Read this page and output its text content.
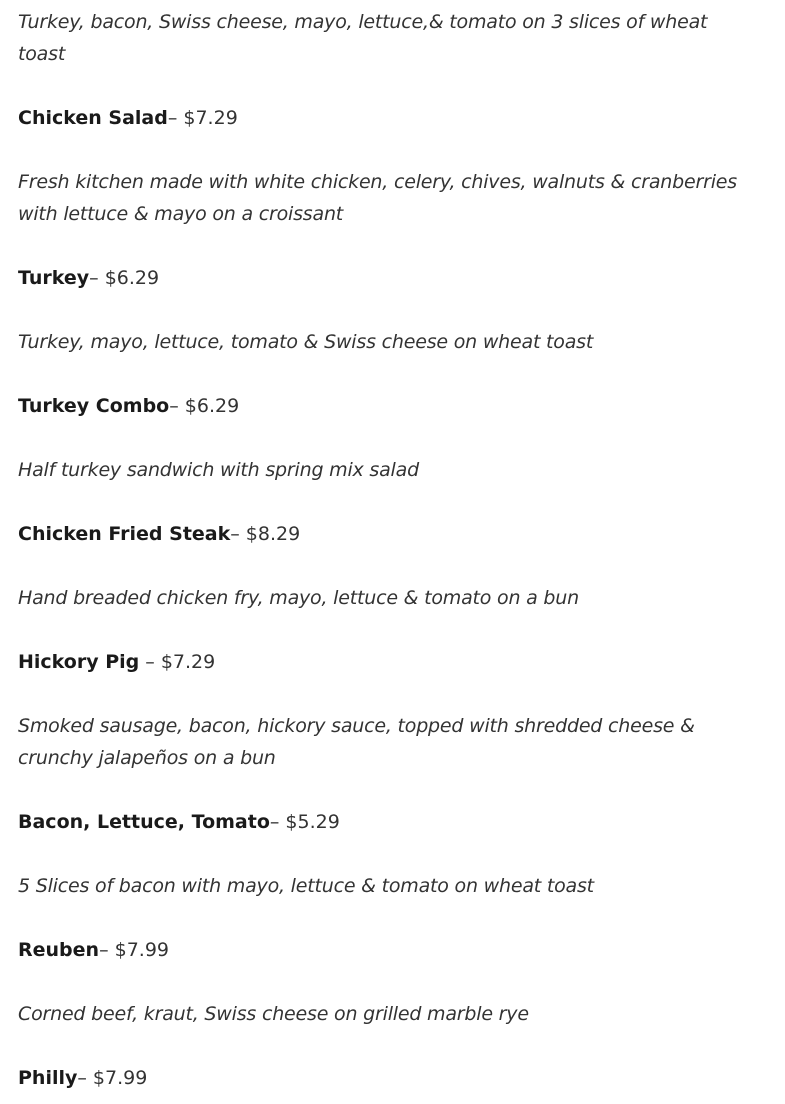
Turkey, bacon, Swiss cheese, mayo, lettuce,& tomato on 3 slices of wheat toast

Chicken Salad– $7.29

Fresh kitchen made with white chicken, celery, chives, walnuts & cranberries with lettuce & mayo on a croissant

Turkey– $6.29

Turkey, mayo, lettuce, tomato & Swiss cheese on wheat toast

Turkey Combo– $6.29

Half turkey sandwich with spring mix salad

Chicken Fried Steak– $8.29

Hand breaded chicken fry, mayo, lettuce & tomato on a bun

Hickory Pig – $7.29

Smoked sausage, bacon, hickory sauce, topped with shredded cheese & crunchy jalapeños on a bun

Bacon, Lettuce, Tomato– $5.29

5 Slices of bacon with mayo, lettuce & tomato on wheat toast

Reuben– $7.99

Corned beef, kraut, Swiss cheese on grilled marble rye

Philly– $7.99
